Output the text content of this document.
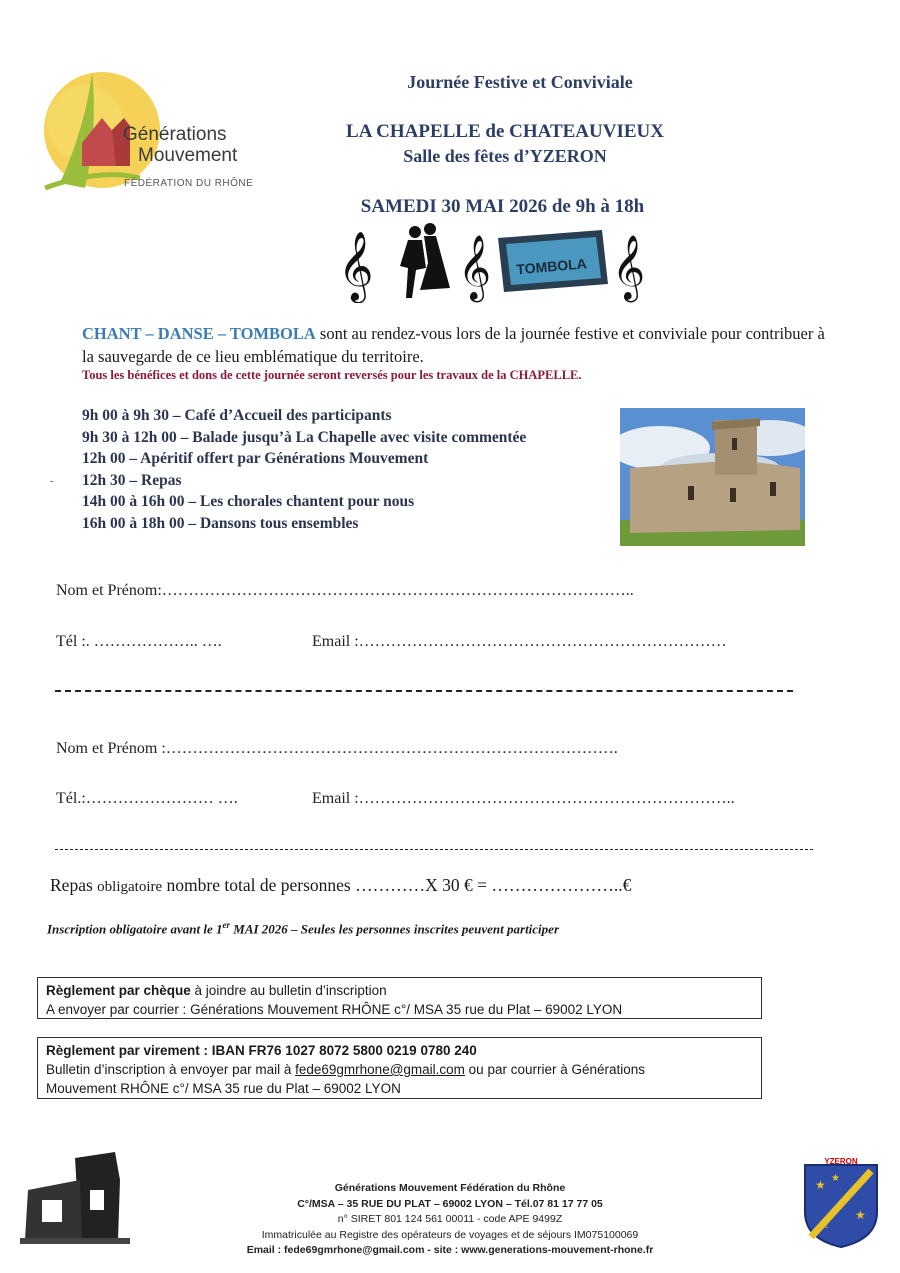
Générations
Mouvement
FÉDÉRATION DU RHÔNE
Journée Festive et Conviviale
LA CHAPELLE de CHATEAUVIEUX
Salle des fêtes d’YZERON
SAMEDI 30 MAI 2026 de 9h à 18h
𝄞 𝄞 TOMBOLA 𝄞
CHANT – DANSE – TOMBOLA sont au rendez-vous lors de la journée festive et conviviale pour contribuer à la sauvegarde de ce lieu emblématique du territoire.
Tous les bénéfices et dons de cette journée seront reversés pour les travaux de la CHAPELLE.
-
9h 00 à 9h 30 – Café d’Accueil des participants
9h 30 à 12h 00 – Balade jusqu’à La Chapelle avec visite commentée
12h 00 – Apéritif offert par Générations Mouvement
12h 30 – Repas
14h 00 à 16h 00 – Les chorales chantent pour nous
16h 00 à 18h 00 – Dansons tous ensembles
Nom et Prénom:……………………………………………………………………………..
Tél :. ……………….. ….	Email :……………………………………………………………
Nom et Prénom :………………………………………………………………………….
Tél.:…………………… ….	Email :……………………………………………………………..
Repas obligatoire nombre total de personnes …………X 30 € = …………………..€
Inscription obligatoire avant le 1er MAI 2026 – Seules les personnes inscrites peuvent participer
Règlement par chèque à joindre au bulletin d’inscription
A envoyer par courrier : Générations Mouvement RHÔNE c°/ MSA 35 rue du Plat – 69002 LYON
Règlement par virement : IBAN FR76 1027 8072 5800 0219 0780 240
Bulletin d’inscription à envoyer par mail à fede69gmrhone@gmail.com ou par courrier à Générations
Mouvement RHÔNE c°/ MSA 35 rue du Plat – 69002 LYON
Générations Mouvement Fédération du Rhône
C°/MSA – 35 RUE DU PLAT – 69002 LYON – Tél.07 81 17 77 05
n° SIRET 801 124 561 00011 - code APE 9499Z
Immatriculée au Registre des opérateurs de voyages et de séjours IM075100069
Email : fede69gmrhone@gmail.com - site : www.generations-mouvement-rhone.fr
★ ★
★
✎
YZERON
